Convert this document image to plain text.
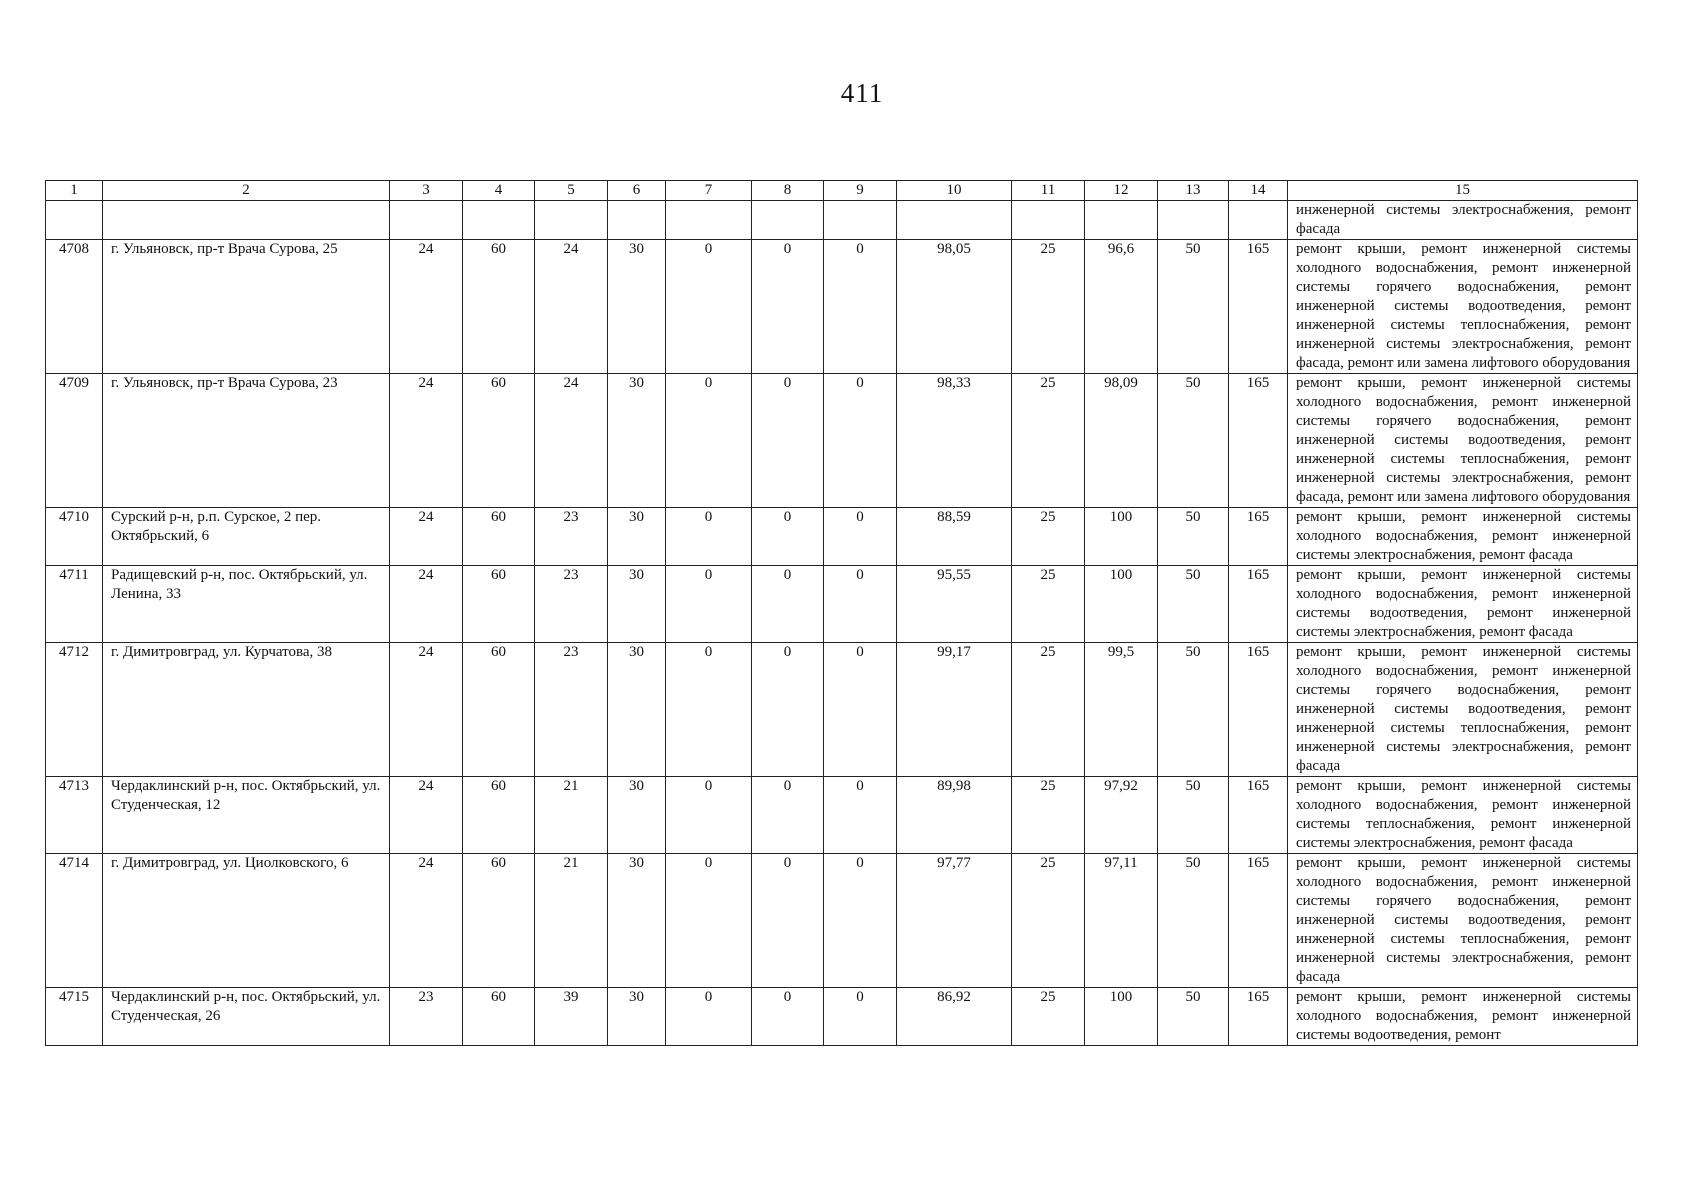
411
1	2	3	4	5	6	7	8	9	10	11	12	13	14	15
														инженерной системы электроснабжения, ремонт фасада
4708	г. Ульяновск, пр-т Врача Сурова, 25	24	60	24	30	0	0	0	98,05	25	96,6	50	165	ремонт крыши, ремонт инженерной системы холодного водоснабжения, ремонт инженерной системы горячего водоснабжения, ремонт инженерной системы водоотведения, ремонт инженерной системы теплоснабжения, ремонт инженерной системы электроснабжения, ремонт фасада, ремонт или замена лифтового оборудования
4709	г. Ульяновск, пр-т Врача Сурова, 23	24	60	24	30	0	0	0	98,33	25	98,09	50	165	ремонт крыши, ремонт инженерной системы холодного водоснабжения, ремонт инженерной системы горячего водоснабжения, ремонт инженерной системы водоотведения, ремонт инженерной системы теплоснабжения, ремонт инженерной системы электроснабжения, ремонт фасада, ремонт или замена лифтового оборудования
4710	Сурский р-н, р.п. Сурское, 2 пер. Октябрьский, 6	24	60	23	30	0	0	0	88,59	25	100	50	165	ремонт крыши, ремонт инженерной системы холодного водоснабжения, ремонт инженерной системы электроснабжения, ремонт фасада
4711	Радищевский р-н, пос. Октябрьский, ул. Ленина, 33	24	60	23	30	0	0	0	95,55	25	100	50	165	ремонт крыши, ремонт инженерной системы холодного водоснабжения, ремонт инженерной системы водоотведения, ремонт инженерной системы электроснабжения, ремонт фасада
4712	г. Димитровград, ул. Курчатова, 38	24	60	23	30	0	0	0	99,17	25	99,5	50	165	ремонт крыши, ремонт инженерной системы холодного водоснабжения, ремонт инженерной системы горячего водоснабжения, ремонт инженерной системы водоотведения, ремонт инженерной системы теплоснабжения, ремонт инженерной системы электроснабжения, ремонт фасада
4713	Чердаклинский р-н, пос. Октябрьский, ул. Студенческая, 12	24	60	21	30	0	0	0	89,98	25	97,92	50	165	ремонт крыши, ремонт инженерной системы холодного водоснабжения, ремонт инженерной системы теплоснабжения, ремонт инженерной системы электроснабжения, ремонт фасада
4714	г. Димитровград, ул. Циолковского, 6	24	60	21	30	0	0	0	97,77	25	97,11	50	165	ремонт крыши, ремонт инженерной системы холодного водоснабжения, ремонт инженерной системы горячего водоснабжения, ремонт инженерной системы водоотведения, ремонт инженерной системы теплоснабжения, ремонт инженерной системы электроснабжения, ремонт фасада
4715	Чердаклинский р-н, пос. Октябрьский, ул. Студенческая, 26	23	60	39	30	0	0	0	86,92	25	100	50	165	ремонт крыши, ремонт инженерной системы холодного водоснабжения, ремонт инженерной системы водоотведения, ремонт
